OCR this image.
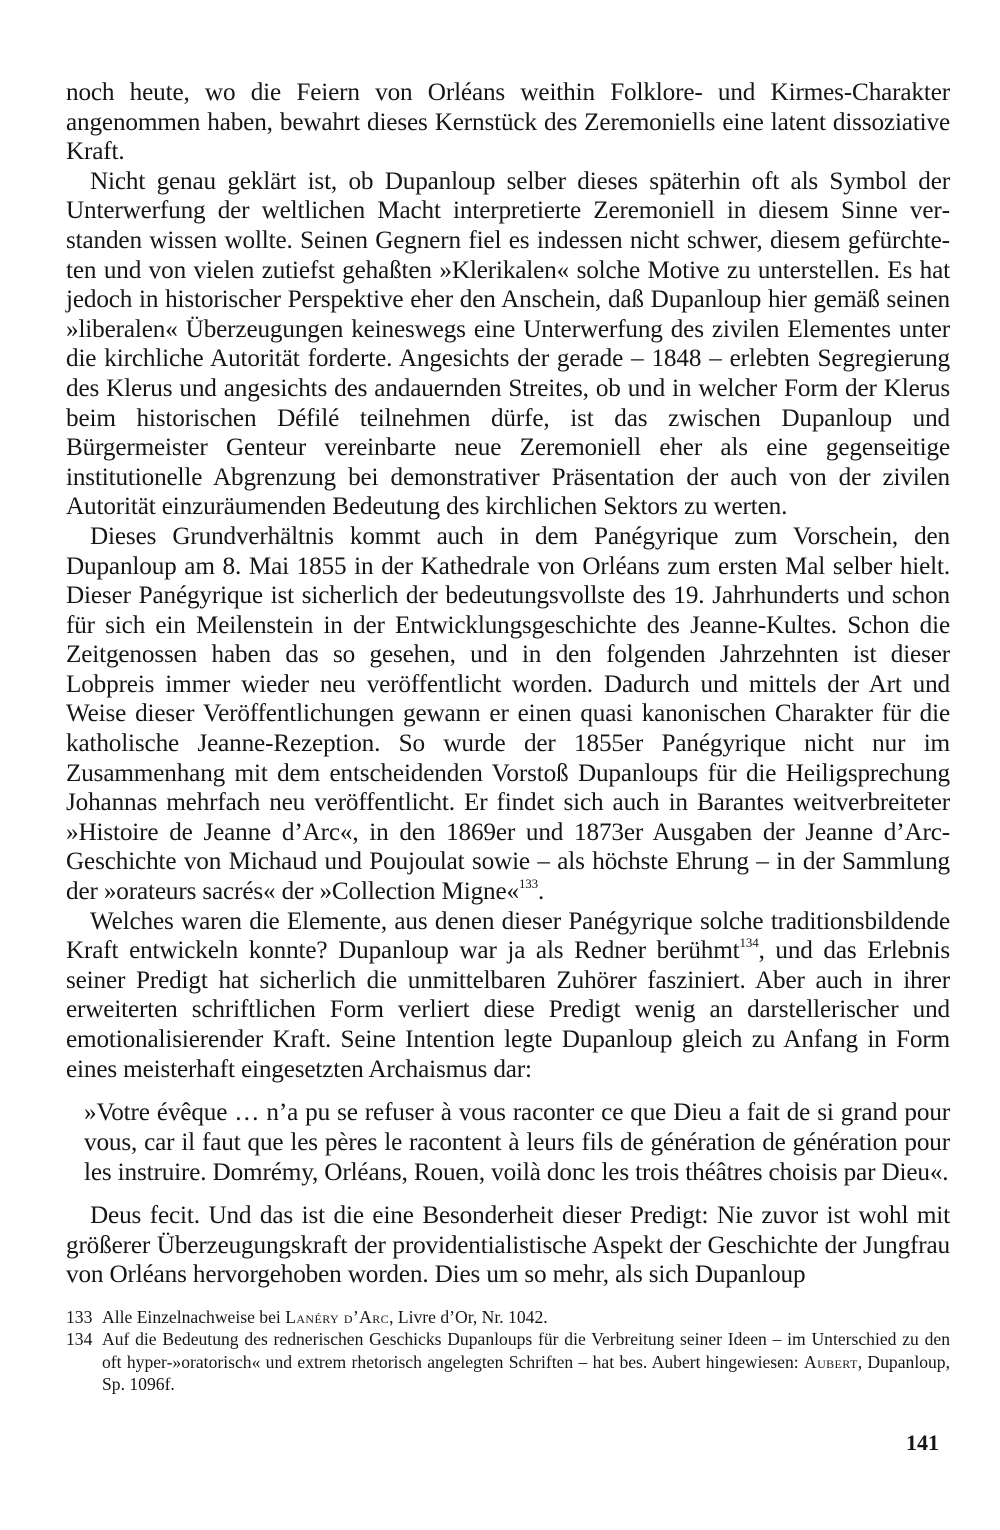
noch heute, wo die Feiern von Orléans weithin Folklore- und Kirmes-Charakter angenommen haben, bewahrt dieses Kernstück des Zeremoniells eine latent dissoziative Kraft.

Nicht genau geklärt ist, ob Dupanloup selber dieses späterhin oft als Symbol der Unterwerfung der weltlichen Macht interpretierte Zeremoniell in diesem Sinne verstanden wissen wollte. Seinen Gegnern fiel es indessen nicht schwer, diesem gefürchteten und von vielen zutiefst gehaßten »Klerikalen« solche Motive zu unterstellen. Es hat jedoch in historischer Perspektive eher den Anschein, daß Dupanloup hier gemäß seinen »liberalen« Überzeugungen keineswegs eine Unterwerfung des zivilen Elementes unter die kirchliche Autorität forderte. Angesichts der gerade – 1848 – erlebten Segregierung des Klerus und angesichts des andauernden Streites, ob und in welcher Form der Klerus beim historischen Défilé teilnehmen dürfe, ist das zwischen Dupanloup und Bürgermeister Genteur vereinbarte neue Zeremoniell eher als eine gegenseitige institutionelle Abgrenzung bei demonstrativer Präsentation der auch von der zivilen Autorität einzuräumenden Bedeutung des kirchlichen Sektors zu werten.

Dieses Grundverhältnis kommt auch in dem Panégyrique zum Vorschein, den Dupanloup am 8. Mai 1855 in der Kathedrale von Orléans zum ersten Mal selber hielt. Dieser Panégyrique ist sicherlich der bedeutungsvollste des 19. Jahrhunderts und schon für sich ein Meilenstein in der Entwicklungsgeschichte des Jeanne-Kultes. Schon die Zeitgenossen haben das so gesehen, und in den folgenden Jahrzehnten ist dieser Lobpreis immer wieder neu veröffentlicht worden. Dadurch und mittels der Art und Weise dieser Veröffentlichungen gewann er einen quasi kanonischen Charakter für die katholische Jeanne-Rezeption. So wurde der 1855er Panégyrique nicht nur im Zusammenhang mit dem entscheidenden Vorstoß Dupanloups für die Heiligsprechung Johannas mehrfach neu veröffentlicht. Er findet sich auch in Barantes weitverbreiteter »Histoire de Jeanne d’Arc«, in den 1869er und 1873er Ausgaben der Jeanne d’Arc-Geschichte von Michaud und Poujoulat sowie – als höchste Ehrung – in der Sammlung der »orateurs sacrés« der »Collection Migne«$^{133}$.

Welches waren die Elemente, aus denen dieser Panégyrique solche traditionsbildende Kraft entwickeln konnte? Dupanloup war ja als Redner berühmt$^{134}$, und das Erlebnis seiner Predigt hat sicherlich die unmittelbaren Zuhörer fasziniert. Aber auch in ihrer erweiterten schriftlichen Form verliert diese Predigt wenig an darstellerischer und emotionalisierender Kraft. Seine Intention legte Dupanloup gleich zu Anfang in Form eines meisterhaft eingesetzten Archaismus dar:

»Votre évêque … n’a pu se refuser à vous raconter ce que Dieu a fait de si grand pour vous, car il faut que les pères le racontent à leurs fils de génération de génération pour les instruire. Domrémy, Orléans, Rouen, voilà donc les trois théâtres choisis par Dieu«.

Deus fecit. Und das ist die eine Besonderheit dieser Predigt: Nie zuvor ist wohl mit größerer Überzeugungskraft der providentialistische Aspekt der Geschichte der Jungfrau von Orléans hervorgehoben worden. Dies um so mehr, als sich Dupanloup

133 Alle Einzelnachweise bei Lanéry d’Arc, Livre d’Or, Nr. 1042.
134 Auf die Bedeutung des rednerischen Geschicks Dupanloups für die Verbreitung seiner Ideen – im Unterschied zu den oft hyper-»oratorisch« und extrem rhetorisch angelegten Schriften – hat bes. Aubert hingewiesen: Aubert, Dupanloup, Sp. 1096f.
141
